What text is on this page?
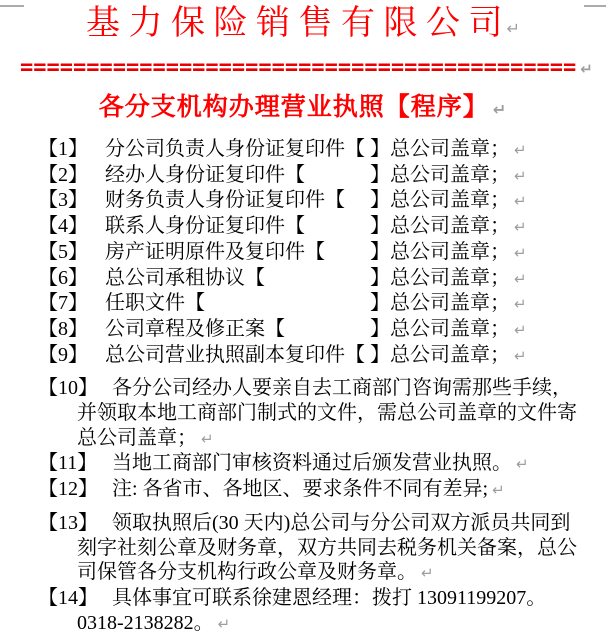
基 力 保 险 销 售 有 限 公 司 ↵
========================================== ↵
各分支机构办理营业执照【程序】 ↵
【1】 分公司负责人身份证复印件【 】总公司盖章； ↵
【2】 经办人身份证复印件【　　　 】总公司盖章； ↵
【3】 财务负责人身份证复印件【　 】总公司盖章； ↵
【4】 联系人身份证复印件【　　　 】总公司盖章； ↵
【5】 房产证明原件及复印件【　　 】总公司盖章； ↵
【6】 总公司承租协议【　　　　　 】总公司盖章； ↵
【7】 任职文件【　　　　　　　　 】总公司盖章； ↵
【8】 公司章程及修正案【　　　　 】总公司盖章； ↵
【9】 总公司营业执照副本复印件【 】总公司盖章； ↵
【10】 各分公司经办人要亲自去工商部门咨询需那些手续，
并领取本地工商部门制式的文件，需总公司盖章的文件寄
总公司盖章； ↵
【11】 当地工商部门审核资料通过后颁发营业执照。 ↵
【12】 注: 各省市、各地区、要求条件不同有差异; ↵
【13】 领取执照后(30 天内)总公司与分公司双方派员共同到
刻字社刻公章及财务章，双方共同去税务机关备案，总公
司保管各分支机构行政公章及财务章。 ↵
【14】 具体事宜可联系徐建恩经理：拨打 13091199207。
0318-2138282。 ↵
